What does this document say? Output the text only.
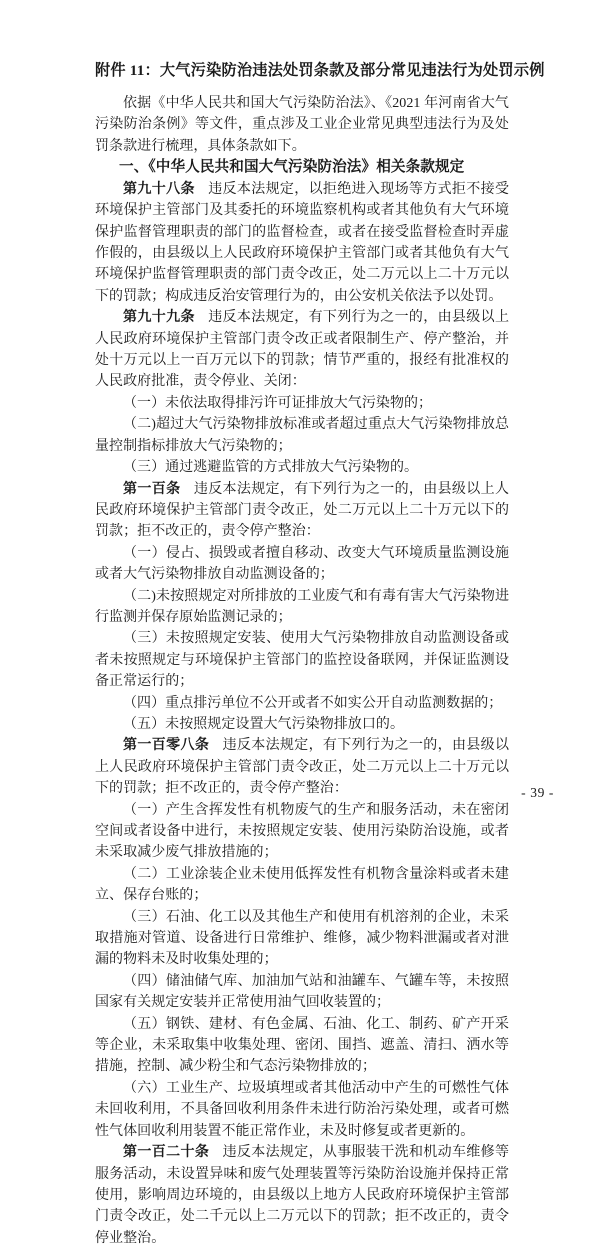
附件 11：大气污染防治违法处罚条款及部分常见违法行为处罚示例

依据《中华人民共和国大气污染防治法》、《2021 年河南省大气污染防治条例》等文件，重点涉及工业企业常见典型违法行为及处罚条款进行梳理，具体条款如下。

一、《中华人民共和国大气污染防治法》相关条款规定

第九十八条 违反本法规定，以拒绝进入现场等方式拒不接受环境保护主管部门及其委托的环境监察机构或者其他负有大气环境保护监督管理职责的部门的监督检查，或者在接受监督检查时弄虚作假的，由县级以上人民政府环境保护主管部门或者其他负有大气环境保护监督管理职责的部门责令改正，处二万元以上二十万元以下的罚款；构成违反治安管理行为的，由公安机关依法予以处罚。

第九十九条 违反本法规定，有下列行为之一的，由县级以上人民政府环境保护主管部门责令改正或者限制生产、停产整治，并处十万元以上一百万元以下的罚款；情节严重的，报经有批准权的人民政府批准，责令停业、关闭：

（一）未依法取得排污许可证排放大气污染物的；

（二)超过大气污染物排放标准或者超过重点大气污染物排放总量控制指标排放大气污染物的；

（三）通过逃避监管的方式排放大气污染物的。

第一百条 违反本法规定，有下列行为之一的，由县级以上人民政府环境保护主管部门责令改正，处二万元以上二十万元以下的罚款；拒不改正的，责令停产整治：

（一）侵占、损毁或者擅自移动、改变大气环境质量监测设施或者大气污染物排放自动监测设备的；

（二)未按照规定对所排放的工业废气和有毒有害大气污染物进行监测并保存原始监测记录的；

（三）未按照规定安装、使用大气污染物排放自动监测设备或者未按照规定与环境保护主管部门的监控设备联网，并保证监测设备正常运行的；

（四）重点排污单位不公开或者不如实公开自动监测数据的；

（五）未按照规定设置大气污染物排放口的。

第一百零八条 违反本法规定，有下列行为之一的，由县级以上人民政府环境保护主管部门责令改正，处二万元以上二十万元以下的罚款；拒不改正的，责令停产整治：

（一）产生含挥发性有机物废气的生产和服务活动，未在密闭空间或者设备中进行，未按照规定安装、使用污染防治设施，或者未采取减少废气排放措施的；

（二）工业涂装企业未使用低挥发性有机物含量涂料或者未建立、保存台账的；

（三）石油、化工以及其他生产和使用有机溶剂的企业，未采取措施对管道、设备进行日常维护、维修，减少物料泄漏或者对泄漏的物料未及时收集处理的；

（四）储油储气库、加油加气站和油罐车、气罐车等，未按照国家有关规定安装并正常使用油气回收装置的；

（五）钢铁、建材、有色金属、石油、化工、制药、矿产开采等企业，未采取集中收集处理、密闭、围挡、遮盖、清扫、洒水等措施，控制、减少粉尘和气态污染物排放的；

（六）工业生产、垃圾填埋或者其他活动中产生的可燃性气体未回收利用，不具备回收利用条件未进行防治污染处理，或者可燃性气体回收利用装置不能正常作业，未及时修复或者更新的。

第一百二十条 违反本法规定，从事服装干洗和机动车维修等服务活动，未设置异味和废气处理装置等污染防治设施并保持正常使用，影响周边环境的，由县级以上地方人民政府环境保护主管部门责令改正，处二千元以上二万元以下的罚款；拒不改正的，责令停业整治。

- 39 -
